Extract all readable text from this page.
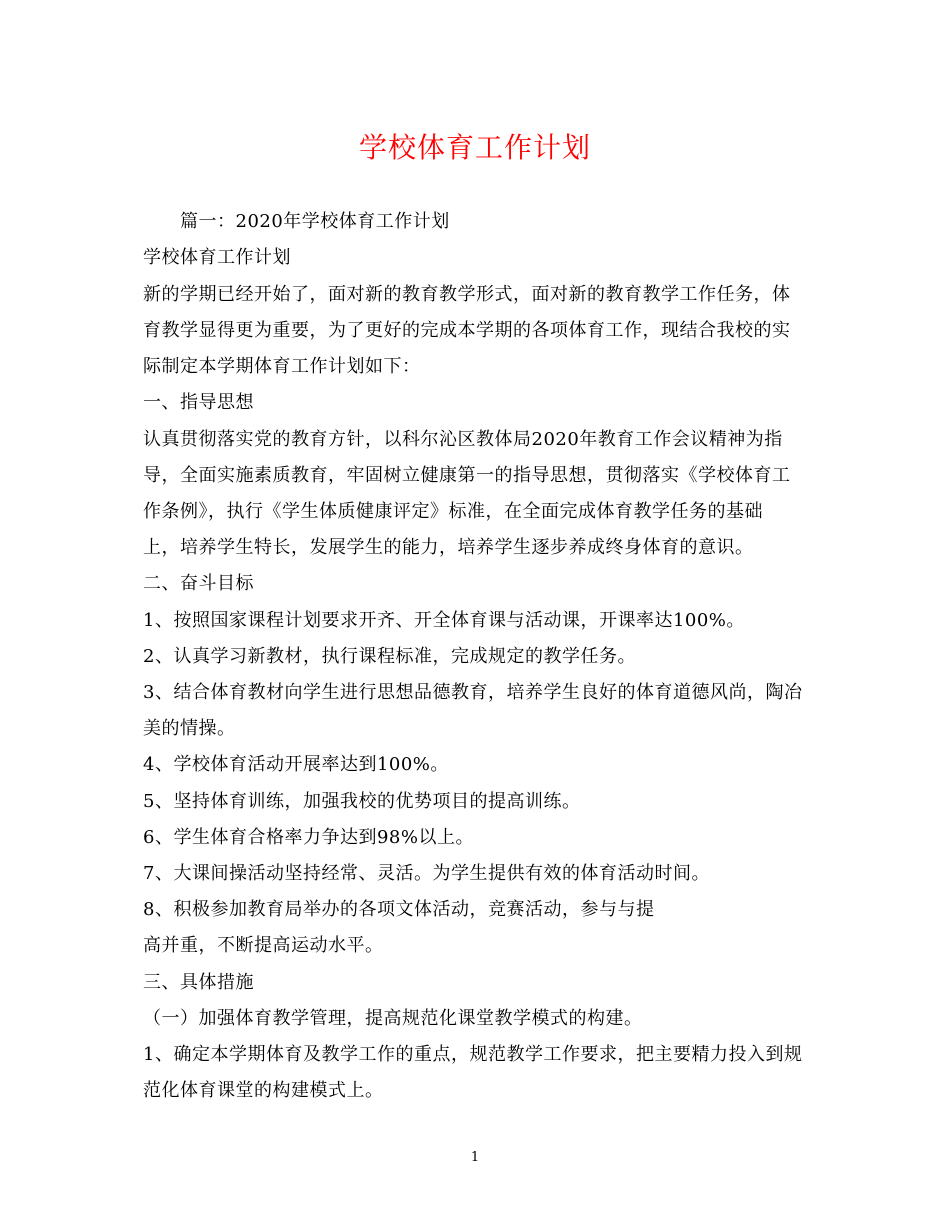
学校体育工作计划
篇一：2020年学校体育工作计划
学校体育工作计划
新的学期已经开始了，面对新的教育教学形式，面对新的教育教学工作任务，体
育教学显得更为重要，为了更好的完成本学期的各项体育工作，现结合我校的实
际制定本学期体育工作计划如下：
一、指导思想
认真贯彻落实党的教育方针，以科尔沁区教体局2020年教育工作会议精神为指
导，全面实施素质教育，牢固树立健康第一的指导思想，贯彻落实《学校体育工
作条例》，执行《学生体质健康评定》标准，在全面完成体育教学任务的基础
上，培养学生特长，发展学生的能力，培养学生逐步养成终身体育的意识。
二、奋斗目标
1、按照国家课程计划要求开齐、开全体育课与活动课，开课率达100%。
2、认真学习新教材，执行课程标准，完成规定的教学任务。
3、结合体育教材向学生进行思想品德教育，培养学生良好的体育道德风尚，陶冶
美的情操。
4、学校体育活动开展率达到100%。
5、坚持体育训练，加强我校的优势项目的提高训练。
6、学生体育合格率力争达到98%以上。
7、大课间操活动坚持经常、灵活。为学生提供有效的体育活动时间。
8、积极参加教育局举办的各项文体活动，竞赛活动，参与与提
高并重，不断提高运动水平。
三、具体措施
（一）加强体育教学管理，提高规范化课堂教学模式的构建。
1、确定本学期体育及教学工作的重点，规范教学工作要求，把主要精力投入到规
范化体育课堂的构建模式上。
1
